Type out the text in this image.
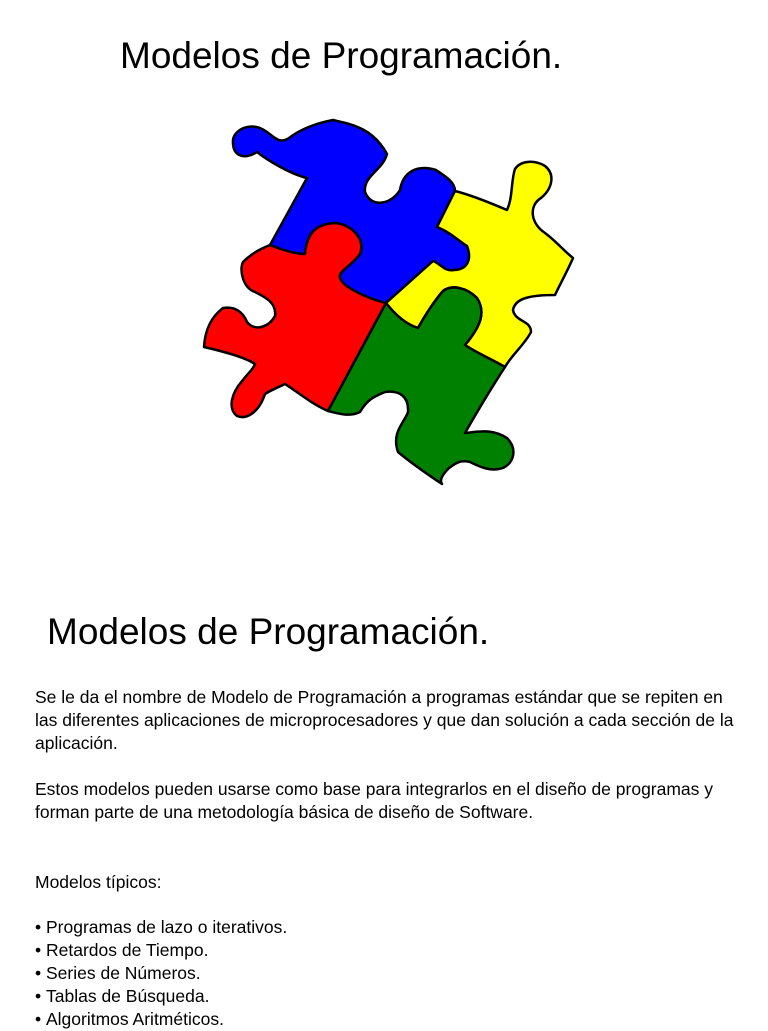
Modelos de Programación.
Modelos de Programación.

Se le da el nombre de Modelo de Programación a programas estándar que se repiten en las diferentes aplicaciones de microprocesadores y que dan solución a cada sección de la aplicación.

Estos modelos pueden usarse como base para integrarlos en el diseño de programas y forman parte de una metodología básica de diseño de Software.

Modelos típicos:

• Programas de lazo o iterativos.
• Retardos de Tiempo.
• Series de Números.
• Tablas de Búsqueda.
• Algoritmos Aritméticos.
